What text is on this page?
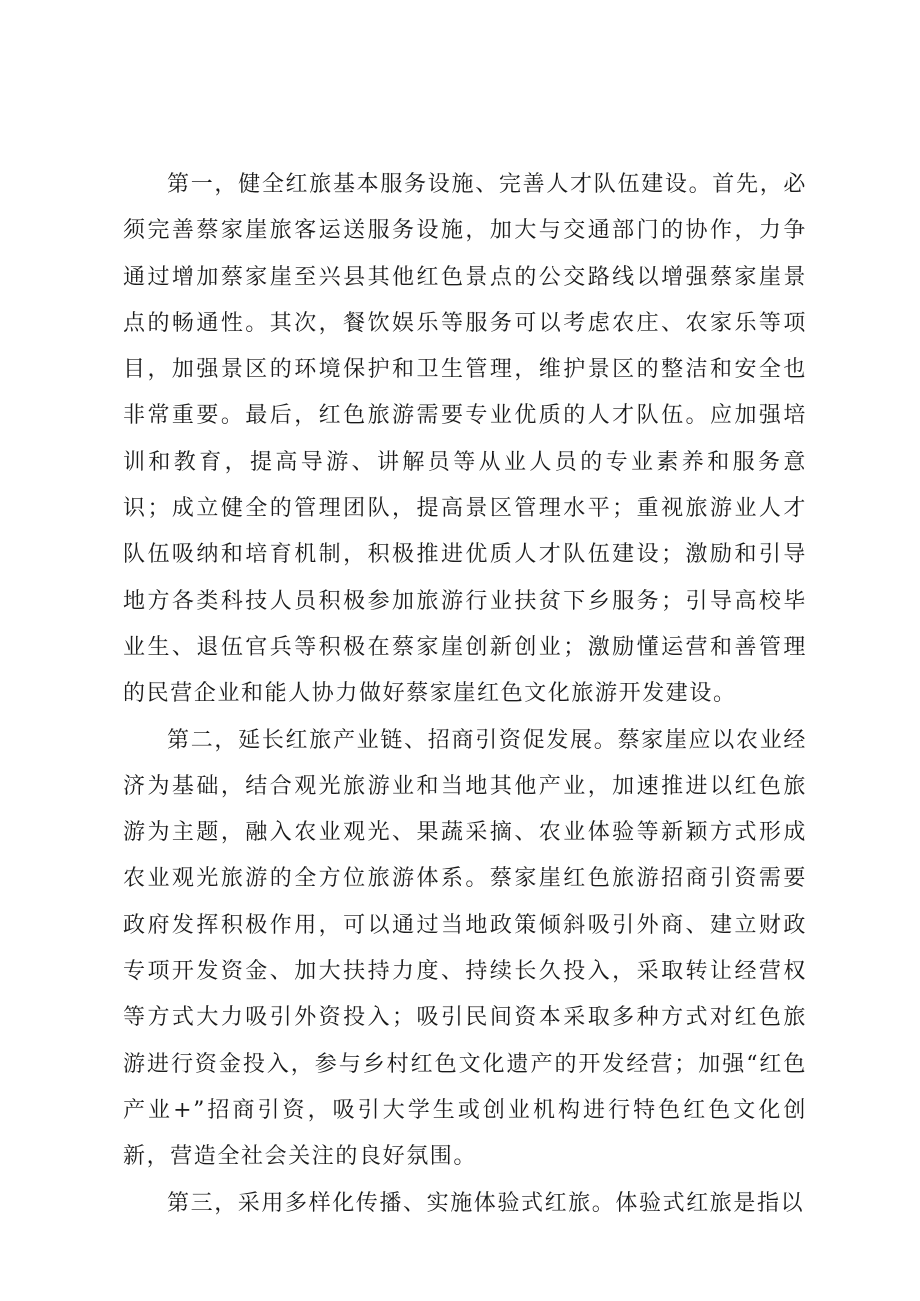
第一，健全红旅基本服务设施、完善人才队伍建设。首先，必须完善蔡家崖旅客运送服务设施，加大与交通部门的协作，力争通过增加蔡家崖至兴县其他红色景点的公交路线以增强蔡家崖景点的畅通性。其次，餐饮娱乐等服务可以考虑农庄、农家乐等项目，加强景区的环境保护和卫生管理，维护景区的整洁和安全也非常重要。最后，红色旅游需要专业优质的人才队伍。应加强培训和教育，提高导游、讲解员等从业人员的专业素养和服务意识；成立健全的管理团队，提高景区管理水平；重视旅游业人才队伍吸纳和培育机制，积极推进优质人才队伍建设；激励和引导地方各类科技人员积极参加旅游行业扶贫下乡服务；引导高校毕业生、退伍官兵等积极在蔡家崖创新创业；激励懂运营和善管理的民营企业和能人协力做好蔡家崖红色文化旅游开发建设。

第二，延长红旅产业链、招商引资促发展。蔡家崖应以农业经济为基础，结合观光旅游业和当地其他产业，加速推进以红色旅游为主题，融入农业观光、果蔬采摘、农业体验等新颖方式形成农业观光旅游的全方位旅游体系。蔡家崖红色旅游招商引资需要政府发挥积极作用，可以通过当地政策倾斜吸引外商、建立财政专项开发资金、加大扶持力度、持续长久投入，采取转让经营权等方式大力吸引外资投入；吸引民间资本采取多种方式对红色旅游进行资金投入，参与乡村红色文化遗产的开发经营；加强“红色产业+”招商引资，吸引大学生或创业机构进行特色红色文化创新，营造全社会关注的良好氛围。

第三，采用多样化传播、实施体验式红旅。体验式红旅是指以
